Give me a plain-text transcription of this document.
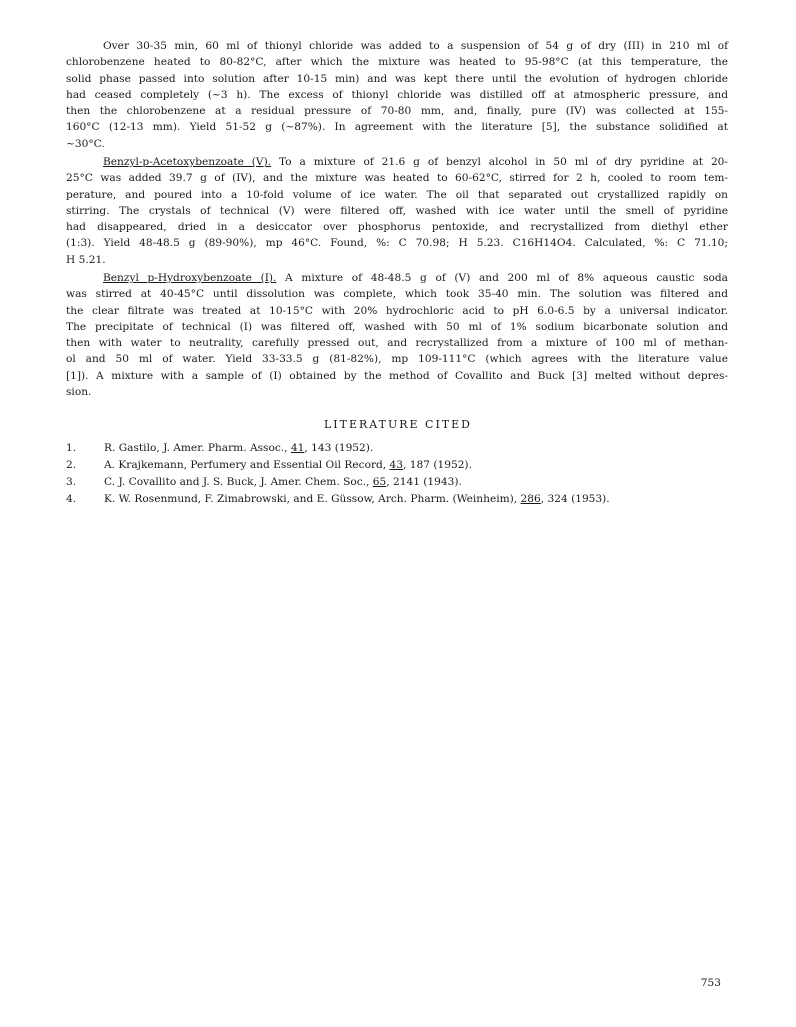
Over 30-35 min, 60 ml of thionyl chloride was added to a suspension of 54 g of dry (III) in 210 ml of
chlorobenzene heated to 80-82°C, after which the mixture was heated to 95-98°C (at this temperature, the
solid phase passed into solution after 10-15 min) and was kept there until the evolution of hydrogen chloride
had ceased completely (~3 h). The excess of thionyl chloride was distilled off at atmospheric pressure, and
then the chlorobenzene at a residual pressure of 70-80 mm, and, finally, pure (IV) was collected at 155-
160°C (12-13 mm). Yield 51-52 g (~87%). In agreement with the literature [5], the substance solidified at
~30°C.

Benzyl-p-Acetoxybenzoate (V). To a mixture of 21.6 g of benzyl alcohol in 50 ml of dry pyridine at 20-
25°C was added 39.7 g of (IV), and the mixture was heated to 60-62°C, stirred for 2 h, cooled to room tem-
perature, and poured into a 10-fold volume of ice water. The oil that separated out crystallized rapidly on
stirring. The crystals of technical (V) were filtered off, washed with ice water until the smell of pyridine
had disappeared, dried in a desiccator over phosphorus pentoxide, and recrystallized from diethyl ether
(1:3). Yield 48-48.5 g (89-90%), mp 46°C. Found, %: C 70.98; H 5.23. C16H14O4. Calculated, %: C 71.10;
H 5.21.

Benzyl p-Hydroxybenzoate (I). A mixture of 48-48.5 g of (V) and 200 ml of 8% aqueous caustic soda
was stirred at 40-45°C until dissolution was complete, which took 35-40 min. The solution was filtered and
the clear filtrate was treated at 10-15°C with 20% hydrochloric acid to pH 6.0-6.5 by a universal indicator.
The precipitate of technical (I) was filtered off, washed with 50 ml of 1% sodium bicarbonate solution and
then with water to neutrality, carefully pressed out, and recrystallized from a mixture of 100 ml of methan-
ol and 50 ml of water. Yield 33-33.5 g (81-82%), mp 109-111°C (which agrees with the literature value
[1]). A mixture with a sample of (I) obtained by the method of Covallito and Buck [3] melted without depres-
sion.

LITERATURE CITED
1.	R. Gastilo, J. Amer. Pharm. Assoc., 41, 143 (1952).
2.	A. Krajkemann, Perfumery and Essential Oil Record, 43, 187 (1952).
3.	C. J. Covallito and J. S. Buck, J. Amer. Chem. Soc., 65, 2141 (1943).
4.	K. W. Rosenmund, F. Zimabrowski, and E. Güssow, Arch. Pharm. (Weinheim), 286, 324 (1953).
753
